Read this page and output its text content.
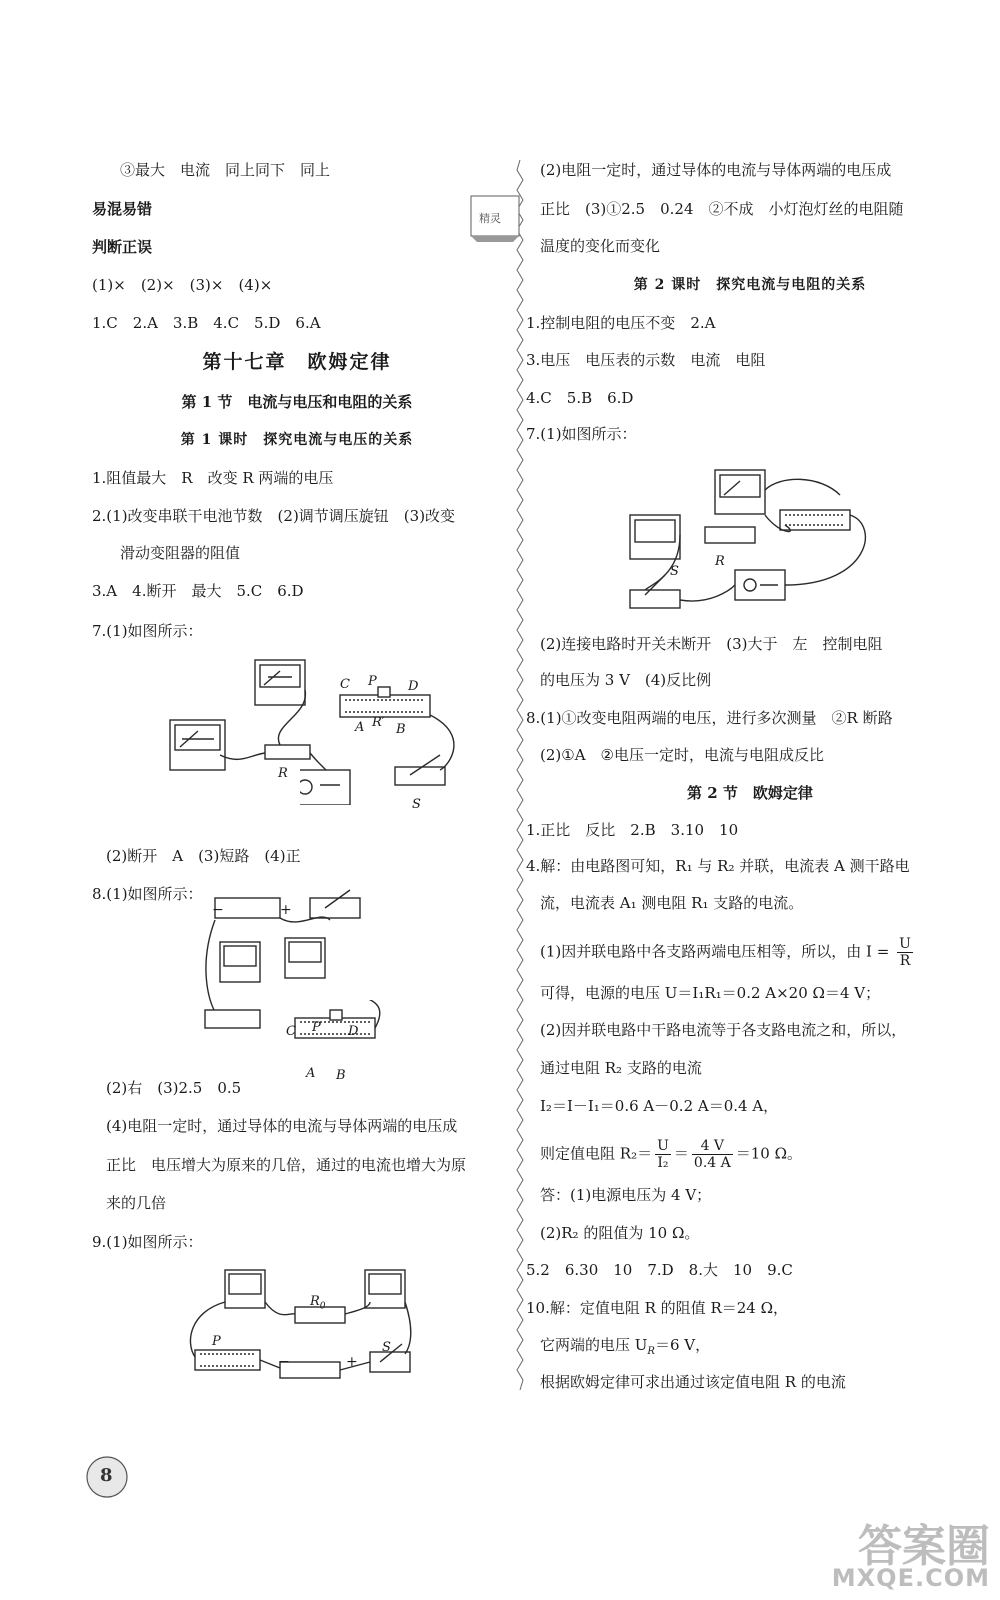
③最大　电流　同上同下　同上
易混易错
判断正误
(1)×　(2)×　(3)×　(4)×
1.C　2.A　3.B　4.C　5.D　6.A
第十七章　欧姆定律
第 1 节　电流与电压和电阻的关系
第 1 课时　探究电流与电压的关系
1.阻值最大　R　改变 R 两端的电压
2.(1)改变串联干电池节数　(2)调节调压旋钮　(3)改变
滑动变阻器的阻值
3.A　4.断开　最大　5.C　6.D
7.(1)如图所示：
C P D
A R′ B
R
S
(2)断开　A　(3)短路　(4)正
8.(1)如图所示：
−	+
C P D
A B
(2)右　(3)2.5　0.5
(4)电阻一定时，通过导体的电流与导体两端的电压成
正比　电压增大为原来的几倍，通过的电流也增大为原
来的几倍
9.(1)如图所示：
$R_0$
P
−	+
S
8
精灵
(2)电阻一定时，通过导体的电流与导体两端的电压成
正比　(3)①2.5　0.24　②不成　小灯泡灯丝的电阻随
温度的变化而变化
第 2 课时　探究电流与电阻的关系
1.控制电阻的电压不变　2.A
3.电压　电压表的示数　电流　电阻
4.C　5.B　6.D
7.(1)如图所示：
R
S
(2)连接电路时开关未断开　(3)大于　左　控制电阻
的电压为 3 V　(4)反比例
8.(1)①改变电阻两端的电压，进行多次测量　②R 断路
(2)①A　②电压一定时，电流与电阻成反比
第 2 节　欧姆定律
1.正比　反比　2.B　3.10　10
4.解：由电路图可知，R₁ 与 R₂ 并联，电流表 A 测干路电
流，电流表 A₁ 测电阻 R₁ 支路的电流。
(1)因并联电路中各支路两端电压相等，所以，由 $I = \frac{U}{R}$
可得，电源的电压 U＝I₁R₁＝0.2 A×20 Ω＝4 V；
(2)因并联电路中干路电流等于各支路电流之和，所以，
通过电阻 R₂ 支路的电流
I₂＝I－I₁＝0.6 A－0.2 A＝0.4 A，
则定值电阻 $R_2= \frac{U}{\text{I₂}} = \frac{4 V}{0.4 A} =10$ Ω。
答：(1)电源电压为 4 V；
(2)R₂ 的阻值为 10 Ω。
5.2　6.30　10　7.D　8.大　10　9.C
10.解：定值电阻 R 的阻值 R＝24 Ω，
它两端的电压 $U_R=6$ V，
根据欧姆定律可求出通过该定值电阻 R 的电流
答案圈
MXQE.COM
